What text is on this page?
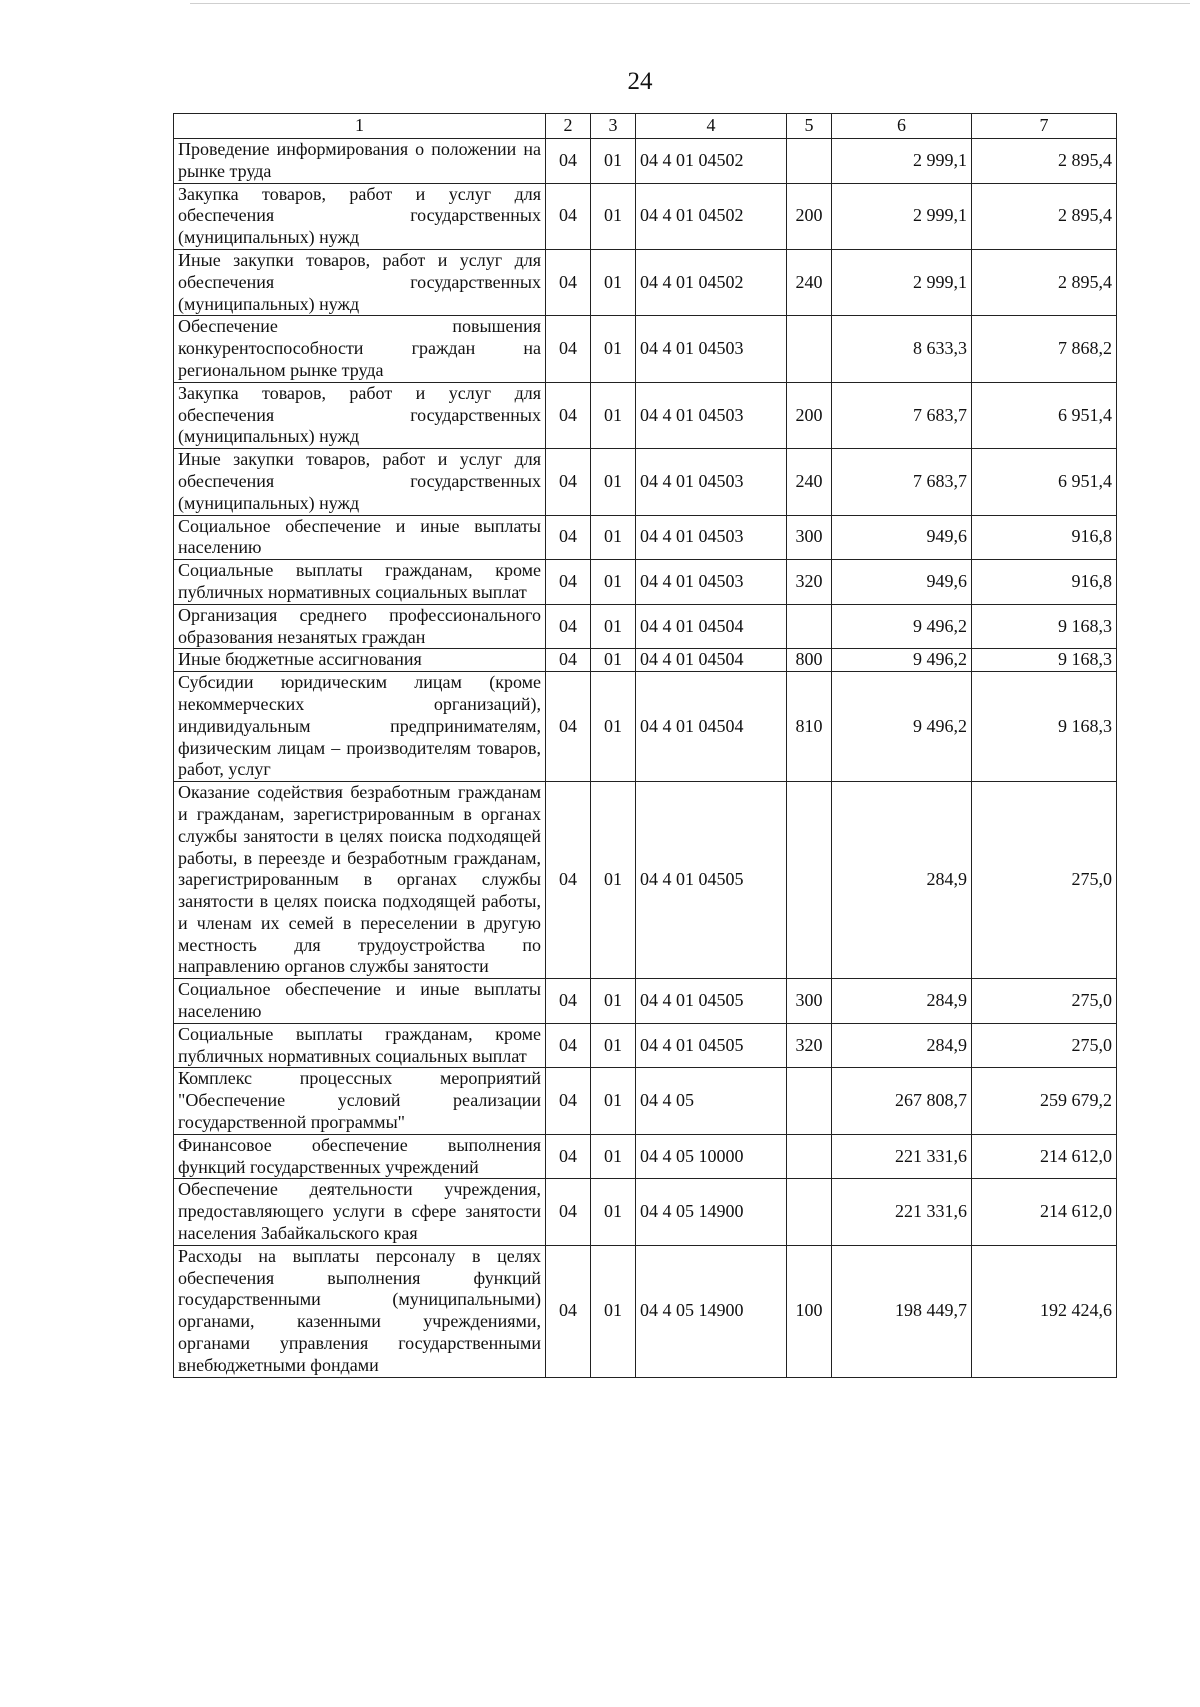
24
1	2	3	4	5	6	7
Проведение информирования о положении на рынке труда	04	01	04 4 01 04502		2 999,1	2 895,4
Закупка товаров, работ и услуг для обеспечения государственных (муниципальных) нужд	04	01	04 4 01 04502	200	2 999,1	2 895,4
Иные закупки товаров, работ и услуг для обеспечения государственных (муниципальных) нужд	04	01	04 4 01 04502	240	2 999,1	2 895,4
Обеспечение повышения конкурентоспособности граждан на региональном рынке труда	04	01	04 4 01 04503		8 633,3	7 868,2
Закупка товаров, работ и услуг для обеспечения государственных (муниципальных) нужд	04	01	04 4 01 04503	200	7 683,7	6 951,4
Иные закупки товаров, работ и услуг для обеспечения государственных (муниципальных) нужд	04	01	04 4 01 04503	240	7 683,7	6 951,4
Социальное обеспечение и иные выплаты населению	04	01	04 4 01 04503	300	949,6	916,8
Социальные выплаты гражданам, кроме публичных нормативных социальных выплат	04	01	04 4 01 04503	320	949,6	916,8
Организация среднего профессионального образования незанятых граждан	04	01	04 4 01 04504		9 496,2	9 168,3
Иные бюджетные ассигнования	04	01	04 4 01 04504	800	9 496,2	9 168,3
Субсидии юридическим лицам (кроме некоммерческих организаций), индивидуальным предпринимателям, физическим лицам – производителям товаров, работ, услуг	04	01	04 4 01 04504	810	9 496,2	9 168,3
Оказание содействия безработным гражданам и гражданам, зарегистрированным в органах службы занятости в целях поиска подходящей работы, в переезде и безработным гражданам, зарегистрированным в органах службы занятости в целях поиска подходящей работы, и членам их семей в переселении в другую местность для трудоустройства по направлению органов службы занятости	04	01	04 4 01 04505		284,9	275,0
Социальное обеспечение и иные выплаты населению	04	01	04 4 01 04505	300	284,9	275,0
Социальные выплаты гражданам, кроме публичных нормативных социальных выплат	04	01	04 4 01 04505	320	284,9	275,0
Комплекс процессных мероприятий "Обеспечение условий реализации государственной программы"	04	01	04 4 05		267 808,7	259 679,2
Финансовое обеспечение выполнения функций государственных учреждений	04	01	04 4 05 10000		221 331,6	214 612,0
Обеспечение деятельности учреждения, предоставляющего услуги в сфере занятости населения Забайкальского края	04	01	04 4 05 14900		221 331,6	214 612,0
Расходы на выплаты персоналу в целях обеспечения выполнения функций государственными (муниципальными) органами, казенными учреждениями, органами управления государственными внебюджетными фондами	04	01	04 4 05 14900	100	198 449,7	192 424,6
